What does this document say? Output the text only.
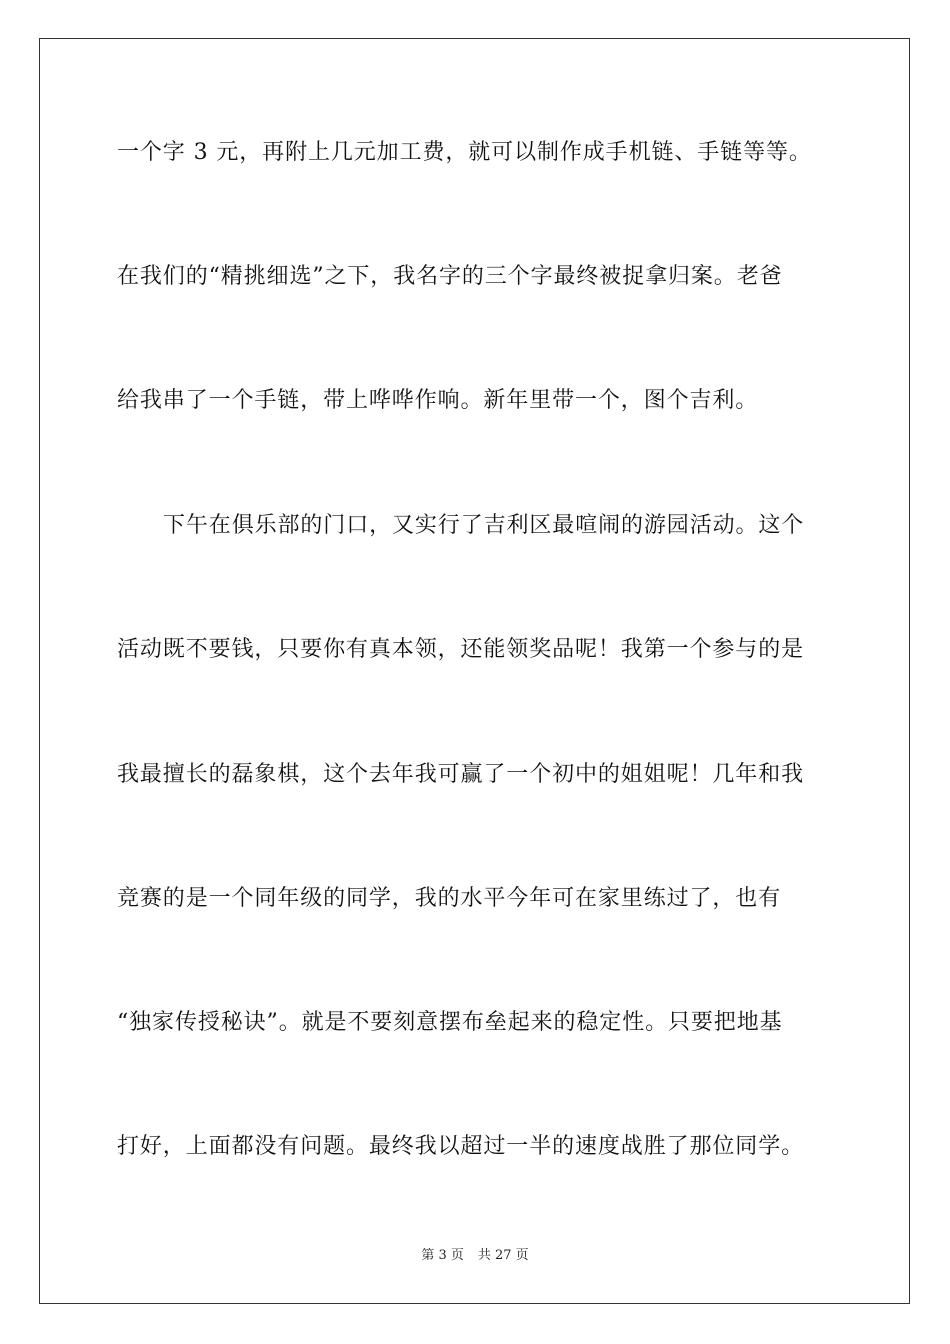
一个字 3 元，再附上几元加工费，就可以制作成手机链、手链等等。
在我们的“精挑细选”之下，我名字的三个字最终被捉拿归案。老爸
给我串了一个手链，带上哗哗作响。新年里带一个，图个吉利。
下午在俱乐部的门口，又实行了吉利区最喧闹的游园活动。这个
活动既不要钱，只要你有真本领，还能领奖品呢！我第一个参与的是
我最擅长的磊象棋，这个去年我可赢了一个初中的姐姐呢！几年和我
竞赛的是一个同年级的同学，我的水平今年可在家里练过了，也有
“独家传授秘诀”。就是不要刻意摆布垒起来的稳定性。只要把地基
打好，上面都没有问题。最终我以超过一半的速度战胜了那位同学。
第 3 页 共 27 页
